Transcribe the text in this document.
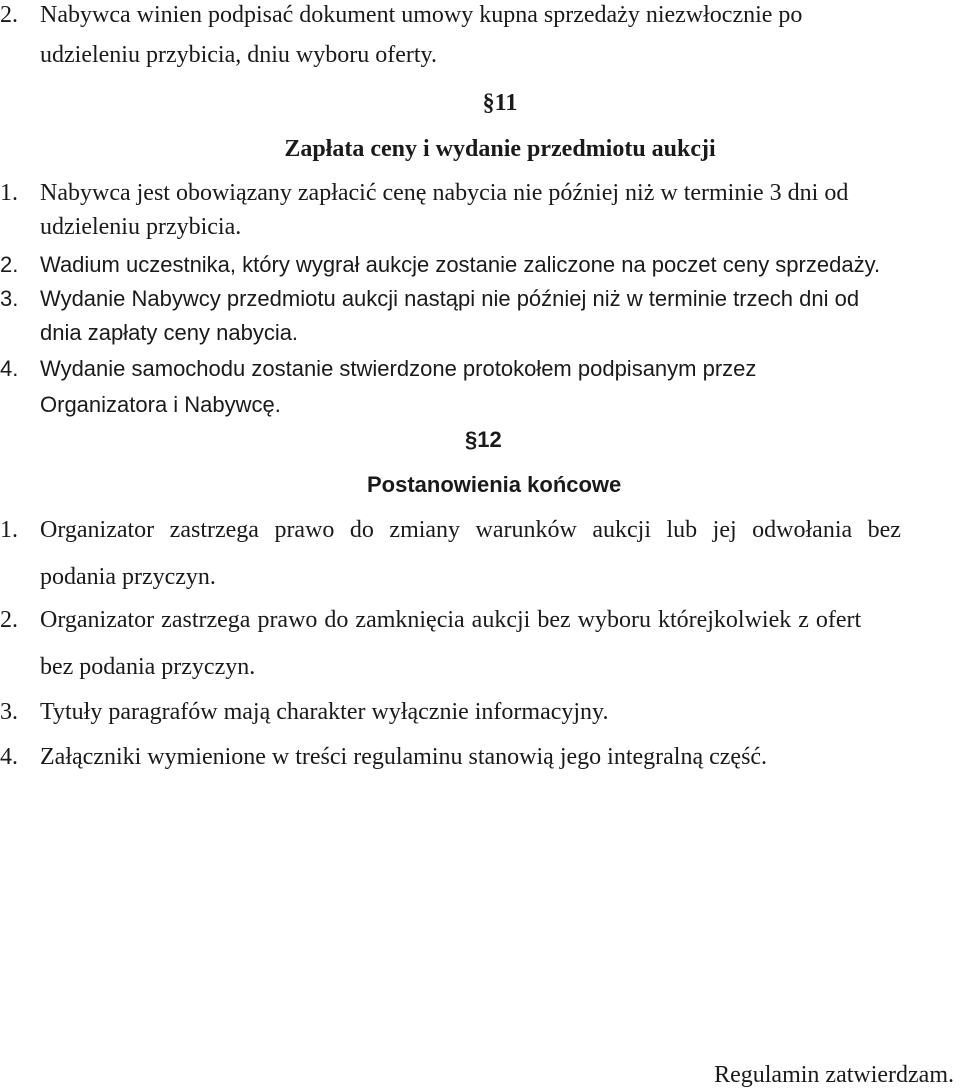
2. Nabywca winien podpisać dokument umowy kupna sprzedaży niezwłocznie po
udzieleniu przybicia, dniu wyboru oferty.
§11
Zapłata ceny i wydanie przedmiotu aukcji
1. Nabywca jest obowiązany zapłacić cenę nabycia nie później niż w terminie 3 dni od
udzieleniu przybicia.
2. Wadium uczestnika, który wygrał aukcje zostanie zaliczone na poczet ceny sprzedaży.
3. Wydanie Nabywcy przedmiotu aukcji nastąpi nie później niż w terminie trzech dni od
dnia zapłaty ceny nabycia.
4. Wydanie samochodu zostanie stwierdzone protokołem podpisanym przez
Organizatora i Nabywcę.
§12
Postanowienia końcowe
1. Organizator zastrzega prawo do zmiany warunków aukcji lub jej odwołania bez
podania przyczyn.
2. Organizator zastrzega prawo do zamknięcia aukcji bez wyboru którejkolwiek z ofert
bez podania przyczyn.
3. Tytuły paragrafów mają charakter wyłącznie informacyjny.
4. Załączniki wymienione w treści regulaminu stanowią jego integralną część.
Regulamin zatwierdzam.
